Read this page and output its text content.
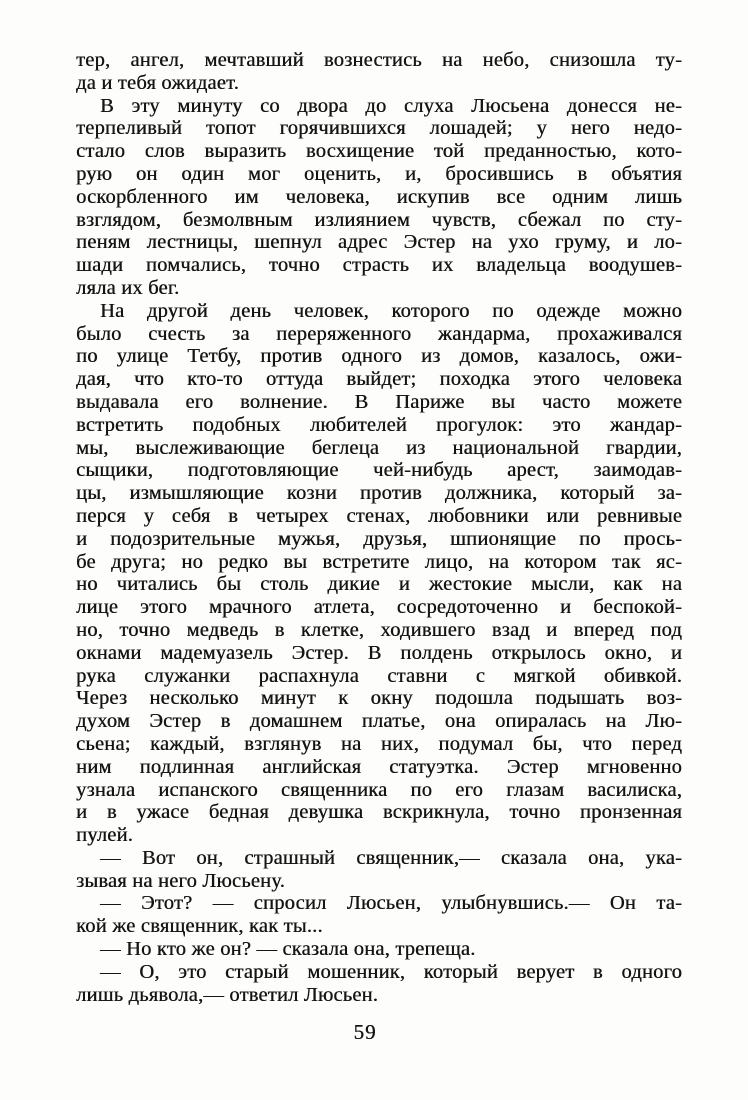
тер, ангел, мечтавший вознестись на небо, снизошла ту-
да и тебя ожидает.
В эту минуту со двора до слуха Люсьена донесся не-
терпеливый топот горячившихся лошадей; у него недо-
стало слов выразить восхищение той преданностью, кото-
рую он один мог оценить, и, бросившись в объятия
оскорбленного им человека, искупив все одним лишь
взглядом, безмолвным излиянием чувств, сбежал по сту-
пеням лестницы, шепнул адрес Эстер на ухо груму, и ло-
шади помчались, точно страсть их владельца воодушев-
ляла их бег.
На другой день человек, которого по одежде можно
было счесть за переряженного жандарма, прохаживался
по улице Тетбу, против одного из домов, казалось, ожи-
дая, что кто-то оттуда выйдет; походка этого человека
выдавала его волнение. В Париже вы часто можете
встретить подобных любителей прогулок: это жандар-
мы, выслеживающие беглеца из национальной гвардии,
сыщики, подготовляющие чей-нибудь арест, заимодав-
цы, измышляющие козни против должника, который за-
перся у себя в четырех стенах, любовники или ревнивые
и подозрительные мужья, друзья, шпионящие по прось-
бе друга; но редко вы встретите лицо, на котором так яс-
но читались бы столь дикие и жестокие мысли, как на
лице этого мрачного атлета, сосредоточенно и беспокой-
но, точно медведь в клетке, ходившего взад и вперед под
окнами мадемуазель Эстер. В полдень открылось окно, и
рука служанки распахнула ставни с мягкой обивкой.
Через несколько минут к окну подошла подышать воз-
духом Эстер в домашнем платье, она опиралась на Лю-
сьена; каждый, взглянув на них, подумал бы, что перед
ним подлинная английская статуэтка. Эстер мгновенно
узнала испанского священника по его глазам василиска,
и в ужасе бедная девушка вскрикнула, точно пронзенная
пулей.
— Вот он, страшный священник,— сказала она, ука-
зывая на него Люсьену.
— Этот? — спросил Люсьен, улыбнувшись.— Он та-
кой же священник, как ты...
— Но кто же он? — сказала она, трепеща.
— О, это старый мошенник, который верует в одного
лишь дьявола,— ответил Люсьен.
59
